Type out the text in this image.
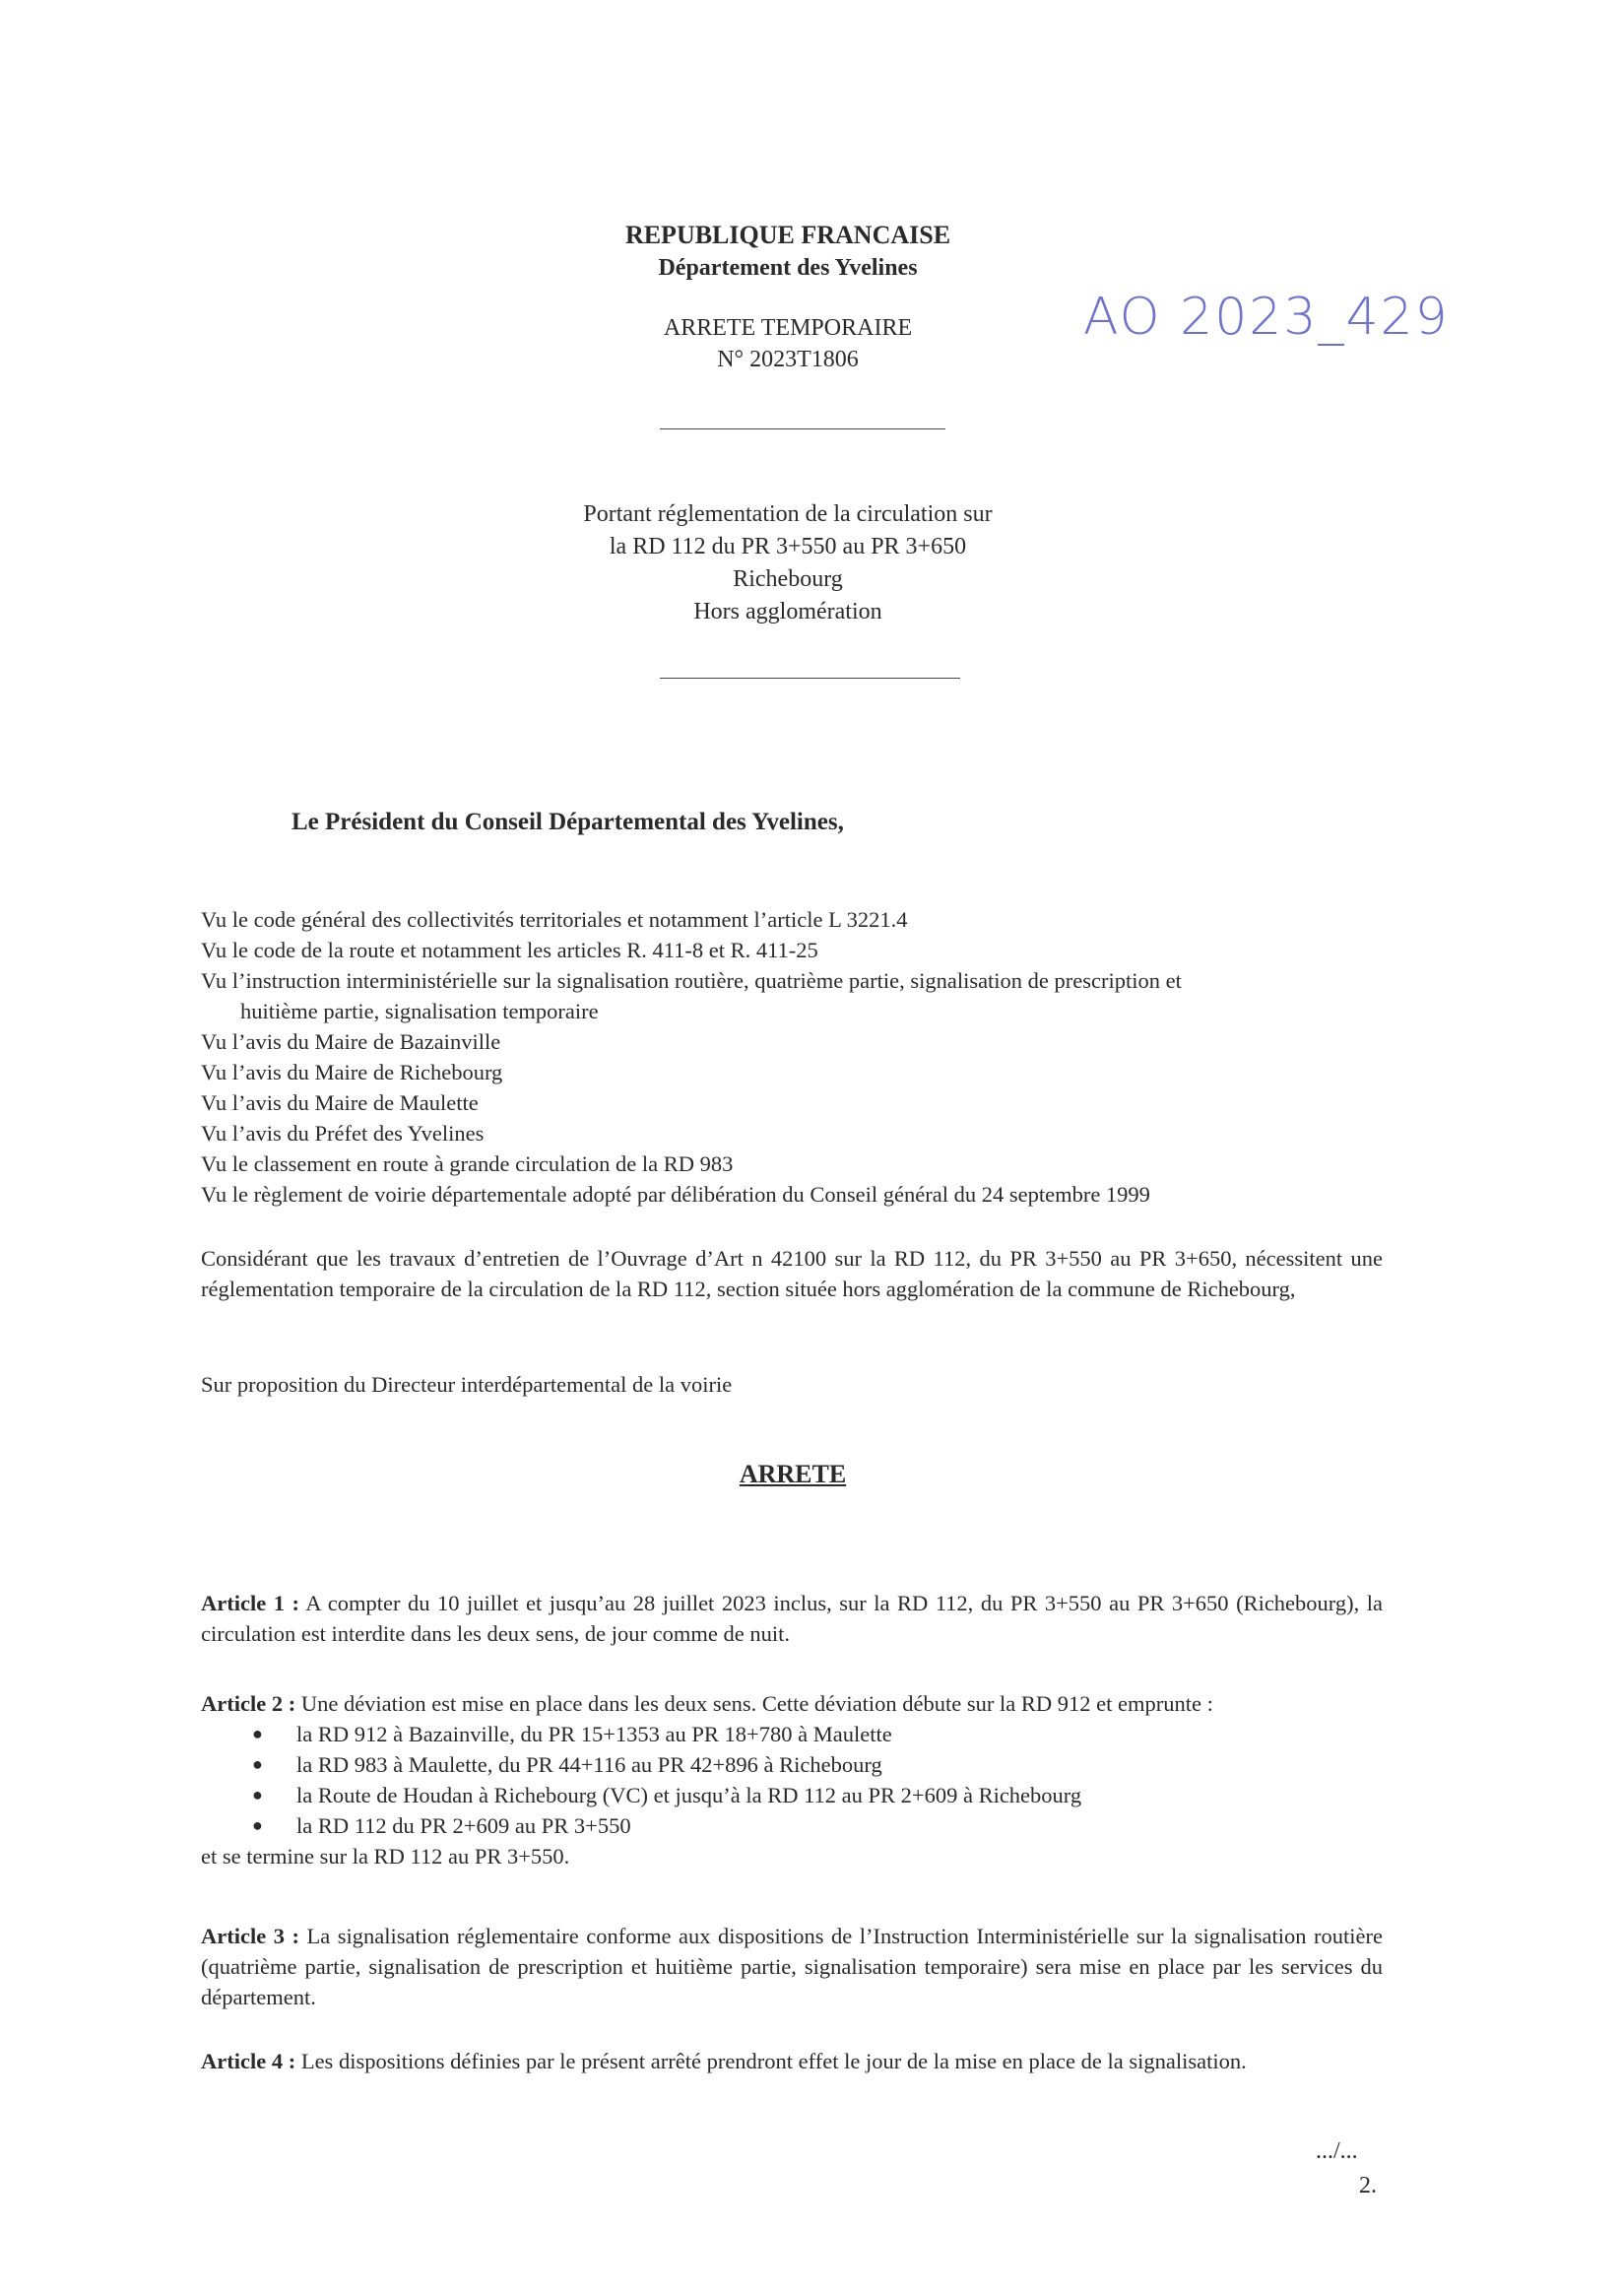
REPUBLIQUE FRANCAISE
Département des Yvelines
ARRETE TEMPORAIRE
N° 2023T1806
AO 2023_429
Portant réglementation de la circulation sur
la RD 112 du PR 3+550 au PR 3+650
Richebourg
Hors agglomération
Le Président du Conseil Départemental des Yvelines,
Vu le code général des collectivités territoriales et notamment l’article L 3221.4
Vu le code de la route et notamment les articles R. 411-8 et R. 411-25
Vu l’instruction interministérielle sur la signalisation routière, quatrième partie, signalisation de prescription et
huitième partie, signalisation temporaire
Vu l’avis du Maire de Bazainville
Vu l’avis du Maire de Richebourg
Vu l’avis du Maire de Maulette
Vu l’avis du Préfet des Yvelines
Vu le classement en route à grande circulation de la RD 983
Vu le règlement de voirie départementale adopté par délibération du Conseil général du 24 septembre 1999
Considérant que les travaux d’entretien de l’Ouvrage d’Art n 42100 sur la RD 112, du PR 3+550 au PR 3+650, nécessitent une réglementation temporaire de la circulation de la RD 112, section située hors agglomération de la commune de Richebourg,
Sur proposition du Directeur interdépartemental de la voirie
ARRETE
Article 1 : A compter du 10 juillet et jusqu’au 28 juillet 2023 inclus, sur la RD 112, du PR 3+550 au PR 3+650 (Richebourg), la circulation est interdite dans les deux sens, de jour comme de nuit.
Article 2 : Une déviation est mise en place dans les deux sens. Cette déviation débute sur la RD 912 et emprunte :
● la RD 912 à Bazainville, du PR 15+1353 au PR 18+780 à Maulette
● la RD 983 à Maulette, du PR 44+116 au PR 42+896 à Richebourg
● la Route de Houdan à Richebourg (VC) et jusqu’à la RD 112 au PR 2+609 à Richebourg
● la RD 112 du PR 2+609 au PR 3+550
et se termine sur la RD 112 au PR 3+550.
Article 3 : La signalisation réglementaire conforme aux dispositions de l’Instruction Interministérielle sur la signalisation routière (quatrième partie, signalisation de prescription et huitième partie, signalisation temporaire) sera mise en place par les services du département.
Article 4 : Les dispositions définies par le présent arrêté prendront effet le jour de la mise en place de la signalisation.
.../...
2.
